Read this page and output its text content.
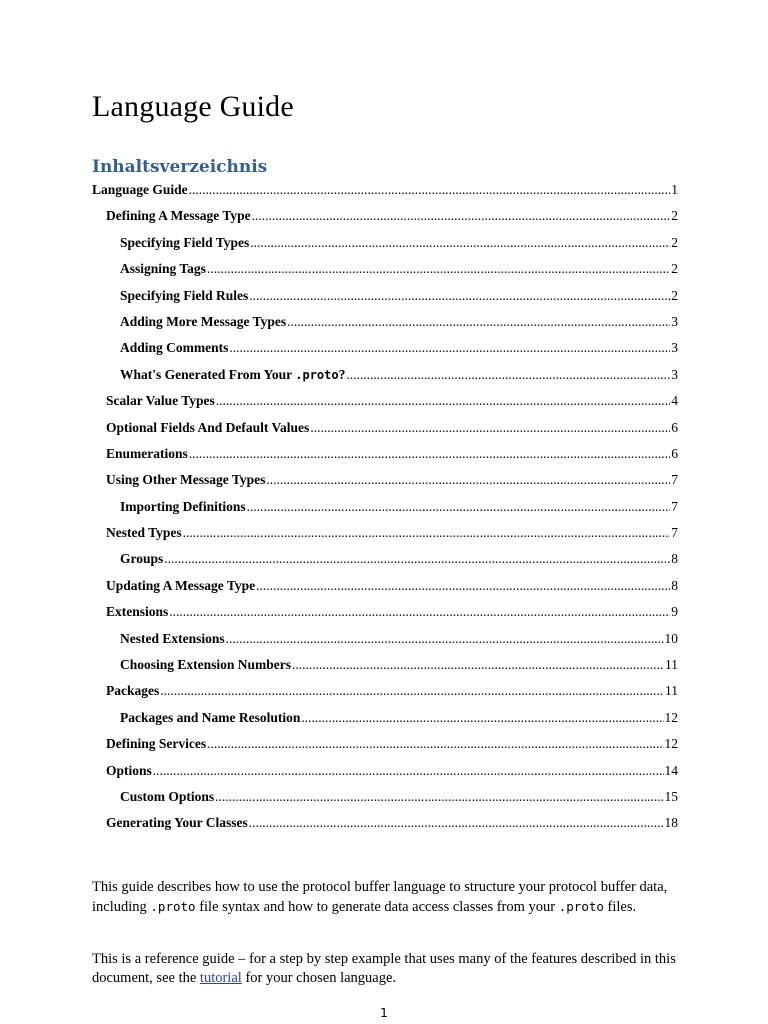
Language Guide
Inhaltsverzeichnis
Language Guide .....	1
Defining A Message Type .....	2
Specifying Field Types .....	2
Assigning Tags .....	2
Specifying Field Rules .....	2
Adding More Message Types .....	3
Adding Comments .....	3
What's Generated From Your .proto? .....	3
Scalar Value Types .....	4
Optional Fields And Default Values .....	6
Enumerations .....	6
Using Other Message Types .....	7
Importing Definitions .....	7
Nested Types .....	7
Groups .....	8
Updating A Message Type .....	8
Extensions .....	9
Nested Extensions .....	10
Choosing Extension Numbers .....	11
Packages .....	11
Packages and Name Resolution .....	12
Defining Services .....	12
Options .....	14
Custom Options .....	15
Generating Your Classes .....	18

This guide describes how to use the protocol buffer language to structure your protocol buffer data, including .proto file syntax and how to generate data access classes from your .proto files.

This is a reference guide – for a step by step example that uses many of the features described in this document, see the tutorial for your chosen language.

1
